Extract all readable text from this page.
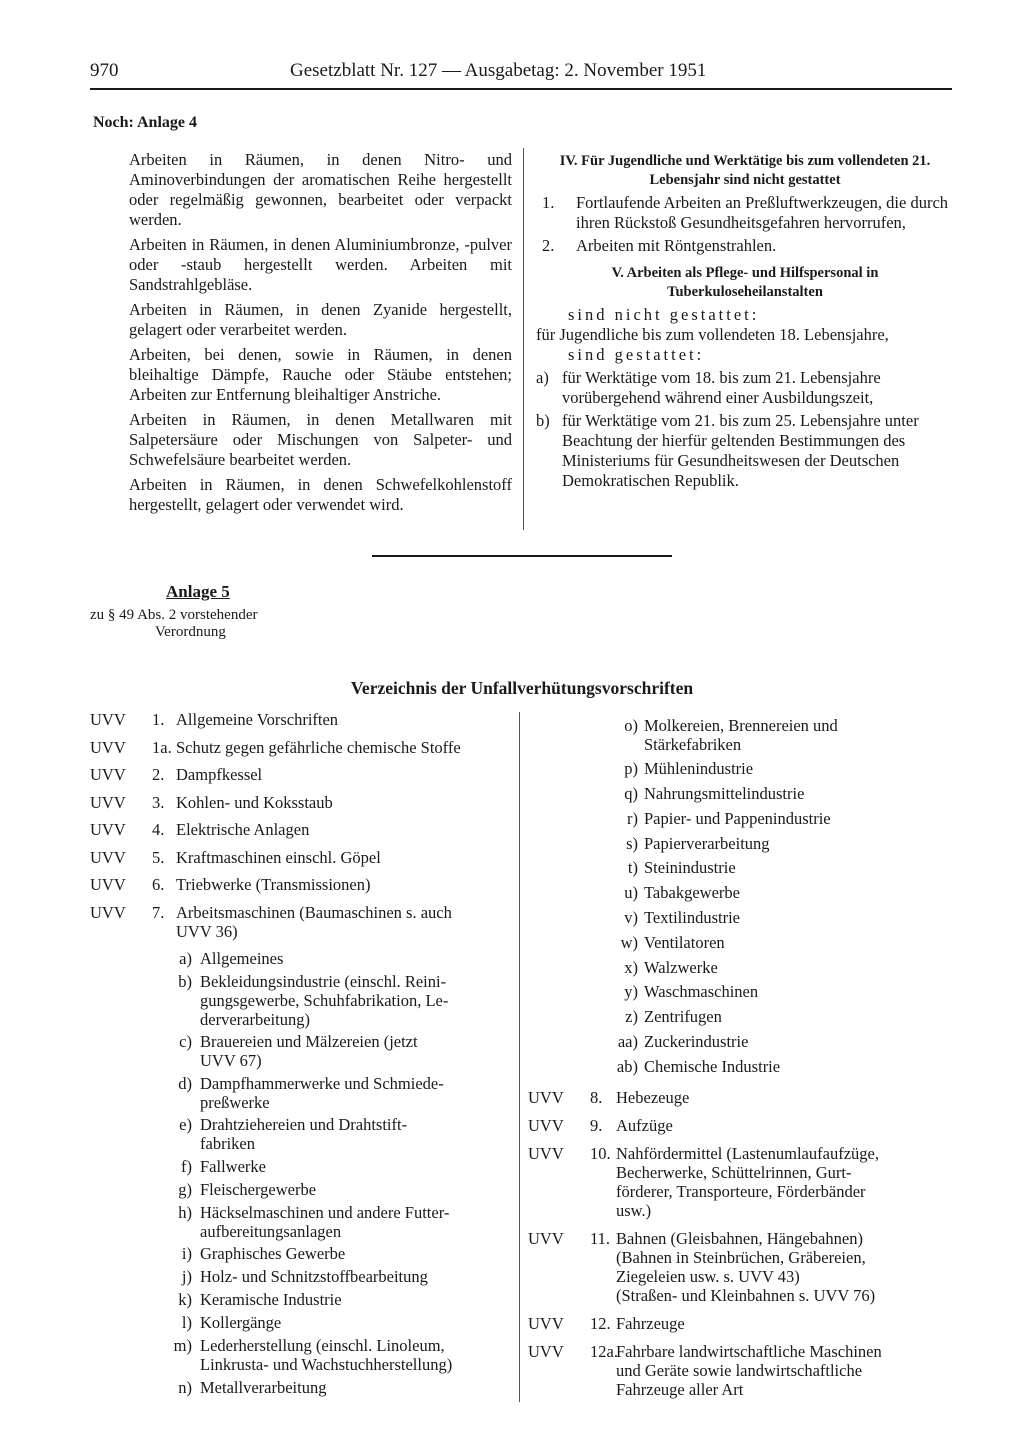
970	Gesetzblatt Nr. 127 — Ausgabetag: 2. November 1951
Noch: Anlage 4

Arbeiten in Räumen, in denen Nitro- und Aminoverbindungen der aromatischen Reihe hergestellt oder regelmäßig gewonnen, bearbeitet oder verpackt werden.

Arbeiten in Räumen, in denen Aluminiumbronze, -pulver oder -staub hergestellt werden. Arbeiten mit Sandstrahlgebläse.

Arbeiten in Räumen, in denen Zyanide hergestellt, gelagert oder verarbeitet werden.

Arbeiten, bei denen, sowie in Räumen, in denen bleihaltige Dämpfe, Rauche oder Stäube entstehen; Arbeiten zur Entfernung bleihaltiger Anstriche.

Arbeiten in Räumen, in denen Metallwaren mit Salpetersäure oder Mischungen von Salpeter- und Schwefelsäure bearbeitet werden.

Arbeiten in Räumen, in denen Schwefelkohlenstoff hergestellt, gelagert oder verwendet wird.

IV. Für Jugendliche und Werktätige bis zum vollendeten 21. Lebensjahr sind nicht gestattet
1.	Fortlaufende Arbeiten an Preßluftwerkzeugen, die durch ihren Rückstoß Gesundheitsgefahren hervorrufen,
2.	Arbeiten mit Röntgenstrahlen.
V. Arbeiten als Pflege- und Hilfspersonal in Tuberkuloseheilanstalten
sind nicht gestattet:
für Jugendliche bis zum vollendeten 18. Lebensjahre,
sind gestattet:
a) für Werktätige vom 18. bis zum 21. Lebensjahre vorübergehend während einer Ausbildungszeit,
b) für Werktätige vom 21. bis zum 25. Lebensjahre unter Beachtung der hierfür geltenden Bestimmungen des Ministeriums für Gesundheitswesen der Deutschen Demokratischen Republik.
Anlage 5
zu § 49 Abs. 2 vorstehender
Verordnung
Verzeichnis der Unfallverhütungsvorschriften
UVV 1. Allgemeine Vorschriften
UVV 1a. Schutz gegen gefährliche chemische Stoffe
UVV 2. Dampfkessel
UVV 3. Kohlen- und Koksstaub
UVV 4. Elektrische Anlagen
UVV 5. Kraftmaschinen einschl. Göpel
UVV 6. Triebwerke (Transmissionen)
UVV 7. Arbeitsmaschinen (Baumaschinen s. auch
UVV 36)
a) Allgemeines
b) Bekleidungsindustrie (einschl. Reini-
gungsgewerbe, Schuhfabrikation, Le-
derverarbeitung)
c) Brauereien und Mälzereien (jetzt
UVV 67)
d) Dampfhammerwerke und Schmiede-
preßwerke
e) Drahtziehereien und Drahtstift-
fabriken
f) Fallwerke
g) Fleischergewerbe
h) Häckselmaschinen und andere Futter-
aufbereitungsanlagen
i) Graphisches Gewerbe
j) Holz- und Schnitzstoffbearbeitung
k) Keramische Industrie
l) Kollergänge
m) Lederherstellung (einschl. Linoleum,
Linkrusta- und Wachstuchherstellung)
n) Metallverarbeitung
o) Molkereien, Brennereien und
Stärkefabriken
p) Mühlenindustrie
q) Nahrungsmittelindustrie
r) Papier- und Pappenindustrie
s) Papierverarbeitung
t) Steinindustrie
u) Tabakgewerbe
v) Textilindustrie
w) Ventilatoren
x) Walzwerke
y) Waschmaschinen
z) Zentrifugen
aa) Zuckerindustrie
ab) Chemische Industrie
UVV 8. Hebezeuge
UVV 9. Aufzüge
UVV 10. Nahfördermittel (Lastenumlaufaufzüge,
Becherwerke, Schüttelrinnen, Gurt-
förderer, Transporteure, Förderbänder
usw.)
UVV 11. Bahnen (Gleisbahnen, Hängebahnen)
(Bahnen in Steinbrüchen, Gräbereien,
Ziegeleien usw. s. UVV 43)
(Straßen- und Kleinbahnen s. UVV 76)
UVV 12. Fahrzeuge
UVV 12a.
Fahrbare landwirtschaftliche Maschinen
und Geräte sowie landwirtschaftliche
Fahrzeuge aller Art
